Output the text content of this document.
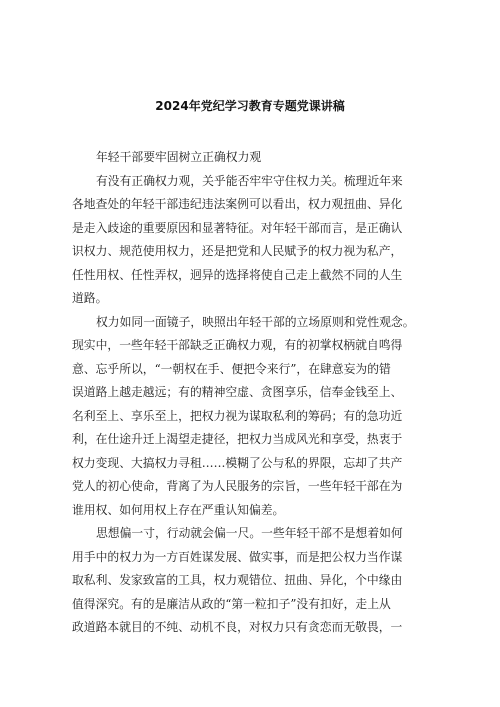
2024年党纪学习教育专题党课讲稿
年轻干部要牢固树立正确权力观
有没有正确权力观，关乎能否牢牢守住权力关。梳理近年来
各地查处的年轻干部违纪违法案例可以看出，权力观扭曲、异化
是走入歧途的重要原因和显著特征。对年轻干部而言，是正确认
识权力、规范使用权力，还是把党和人民赋予的权力视为私产，
任性用权、任性弄权，迥异的选择将使自己走上截然不同的人生
道路。
权力如同一面镜子，映照出年轻干部的立场原则和党性观念。
现实中，一些年轻干部缺乏正确权力观，有的初掌权柄就自鸣得
意、忘乎所以，“一朝权在手、便把令来行”，在肆意妄为的错
误道路上越走越远；有的精神空虚、贪图享乐，信奉金钱至上、
名利至上、享乐至上，把权力视为谋取私利的筹码；有的急功近
利，在仕途升迁上渴望走捷径，把权力当成风光和享受，热衷于
权力变现、大搞权力寻租……模糊了公与私的界限，忘却了共产
党人的初心使命，背离了为人民服务的宗旨，一些年轻干部在为
谁用权、如何用权上存在严重认知偏差。
思想偏一寸，行动就会偏一尺。一些年轻干部不是想着如何
用手中的权力为一方百姓谋发展、做实事，而是把公权力当作谋
取私利、发家致富的工具，权力观错位、扭曲、异化，个中缘由
值得深究。有的是廉洁从政的“第一粒扣子”没有扣好，走上从
政道路本就目的不纯、动机不良，对权力只有贪恋而无敬畏，一
